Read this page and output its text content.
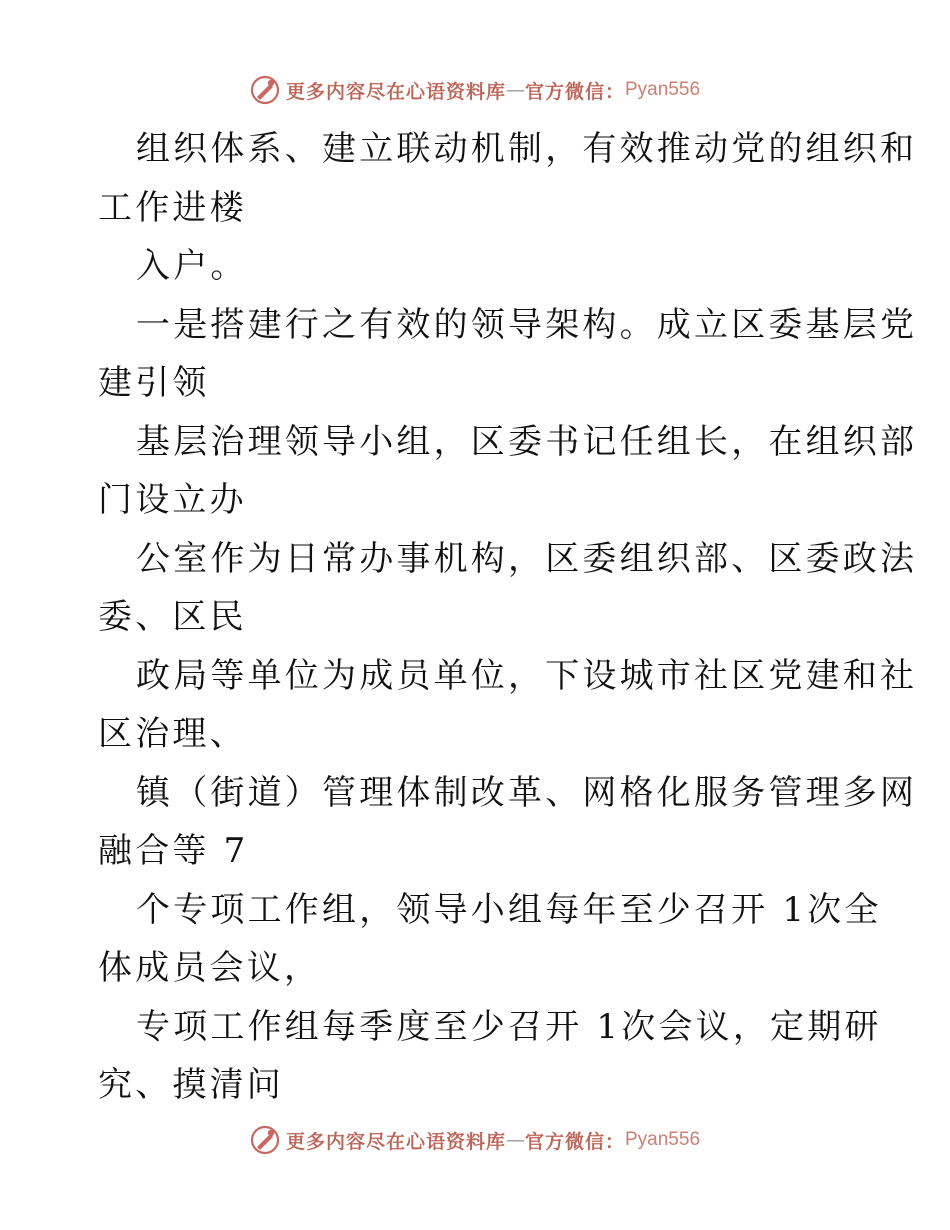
更多内容尽在心语资料库 — 官方微信： Pyan556
组织体系、建立联动机制，有效推动党的组织和
工作进楼
入户。
一是搭建行之有效的领导架构。成立区委基层党
建引领
基层治理领导小组，区委书记任组长，在组织部
门设立办
公室作为日常办事机构，区委组织部、区委政法
委、区民
政局等单位为成员单位，下设城市社区党建和社
区治理、
镇（街道）管理体制改革、网格化服务管理多网
融合等 7
个专项工作组，领导小组每年至少召开 1次全
体成员会议，
专项工作组每季度至少召开 1次会议，定期研
究、摸清问
更多内容尽在心语资料库 — 官方微信： Pyan556
